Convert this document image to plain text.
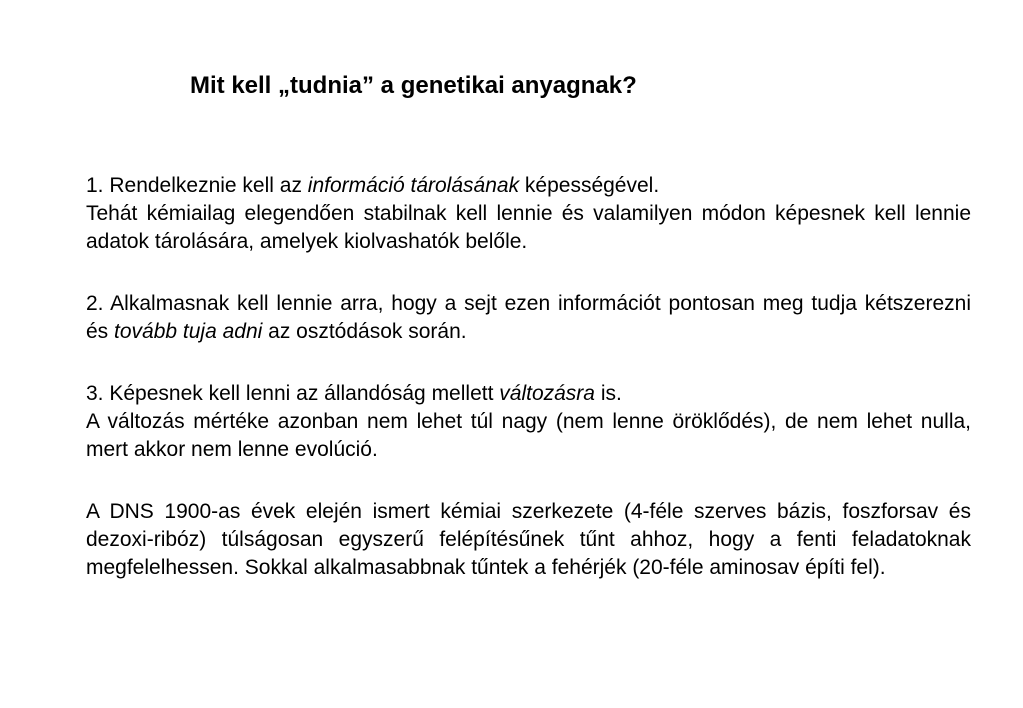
Mit kell „tudnia” a genetikai anyagnak?

1. Rendelkeznie kell az információ tárolásának képességével.

Tehát kémiailag elegendően stabilnak kell lennie és valamilyen módon képesnek kell lennie adatok tárolására, amelyek kiolvashatók belőle.

2. Alkalmasnak kell lennie arra, hogy a sejt ezen információt pontosan meg tudja kétszerezni és tovább tuja adni az osztódások során.

3. Képesnek kell lenni az állandóság mellett változásra is.

A változás mértéke azonban nem lehet túl nagy (nem lenne öröklődés), de nem lehet nulla, mert akkor nem lenne evolúció.

A DNS 1900-as évek elején ismert kémiai szerkezete (4-féle szerves bázis, foszforsav és dezoxi-ribóz) túlságosan egyszerű felépítésűnek tűnt ahhoz, hogy a fenti feladatoknak megfelelhessen. Sokkal alkalmasabbnak tűntek a fehérjék (20-féle aminosav építi fel).
